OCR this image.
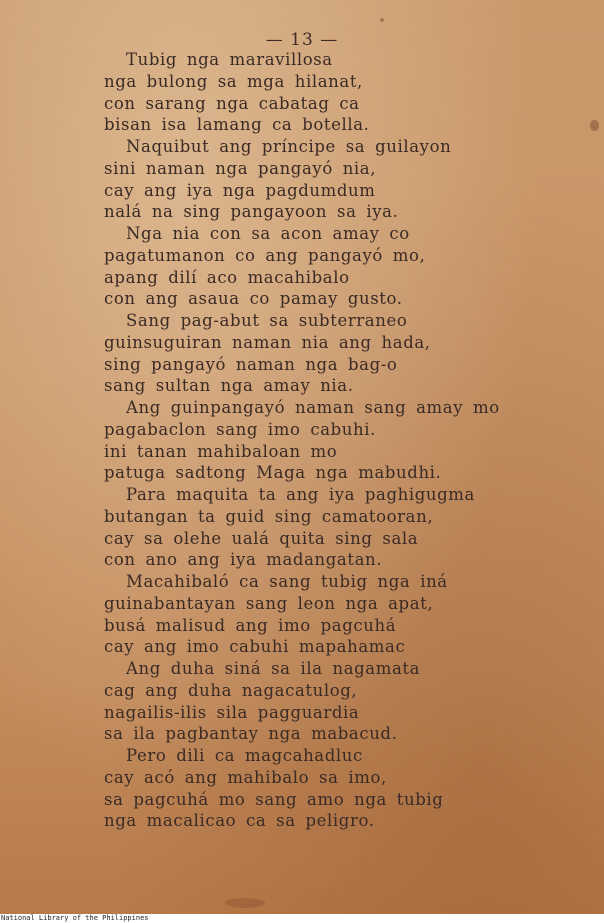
— 13 —
Tubig nga maravillosa
nga bulong sa mga hilanat,
con sarang nga cabatag ca
bisan isa lamang ca botella.
Naquibut ang príncipe sa guilayon
sini naman nga pangayó nia,
cay ang iya nga pagdumdum
nalá na sing pangayoon sa iya.
Nga nia con sa acon amay co
pagatumanon co ang pangayó mo,
apang dilí aco macahibalo
con ang asaua co pamay gusto.
Sang pag-abut sa subterraneo
guinsuguiran naman nia ang hada,
sing pangayó naman nga bag-o
sang sultan nga amay nia.
Ang guinpangayó naman sang amay mo
pagabaclon sang imo cabuhi.
ini tanan mahibaloan mo
patuga sadtong Maga nga mabudhi.
Para maquita ta ang iya paghigugma
butangan ta guid sing camatooran,
cay sa olehe ualá quita sing sala
con ano ang iya madangatan.
Macahibaló ca sang tubig nga iná
guinabantayan sang leon nga apat,
busá malisud ang imo pagcuhá
cay ang imo cabuhi mapahamac
Ang duha siná sa ila nagamata
cag ang duha nagacatulog,
nagailis-ilis sila pagguardia
sa ila pagbantay nga mabacud.
Pero dili ca magcahadluc
cay acó ang mahibalo sa imo,
sa pagcuhá mo sang amo nga tubig
nga macalicao ca sa peligro.
National Library of the Philippines
